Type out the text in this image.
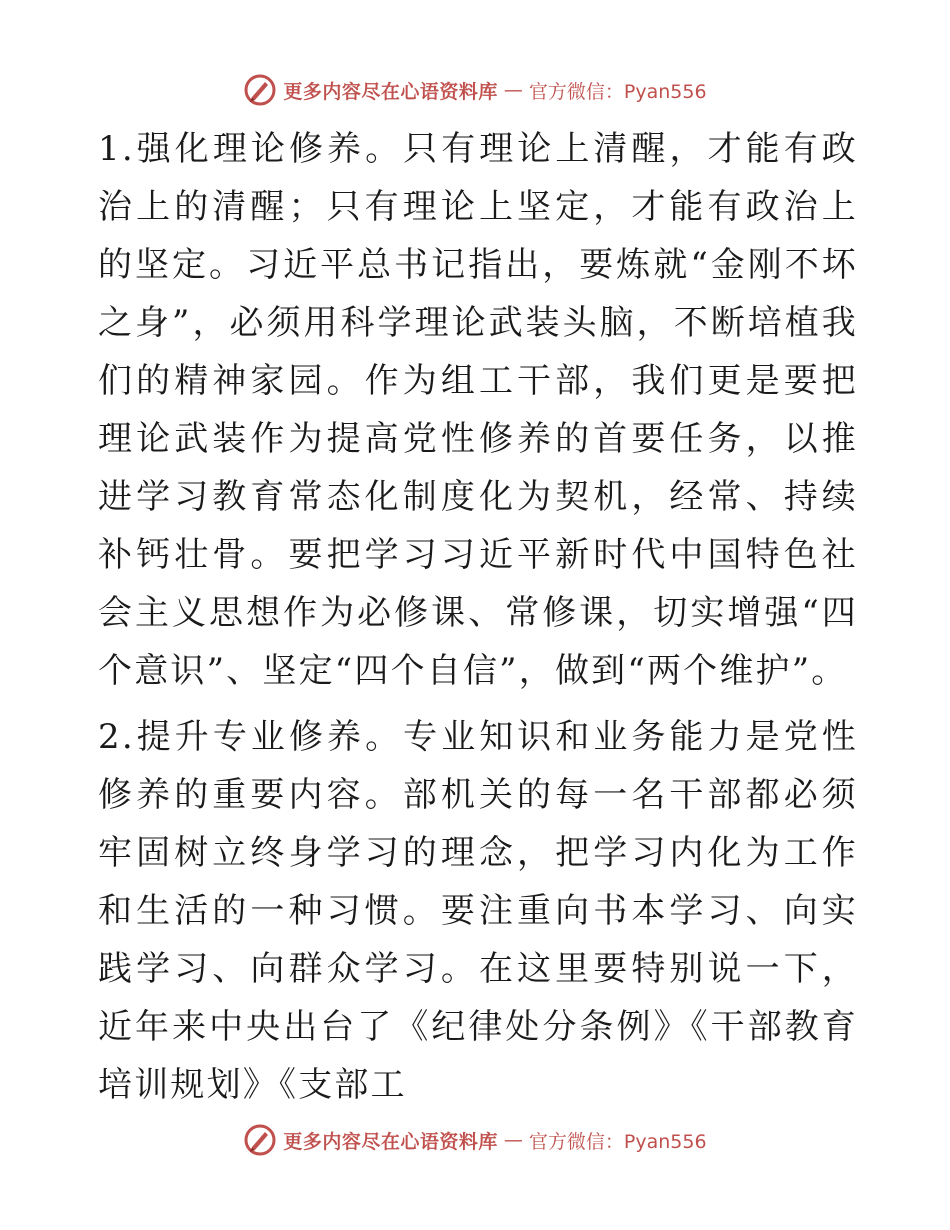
更多内容尽在心语资料库 — 官方微信：Pyan556

1.强化理论修养。只有理论上清醒，才能有政治上的清醒；只有理论上坚定，才能有政治上的坚定。习近平总书记指出，要炼就“金刚不坏之身”，必须用科学理论武装头脑，不断培植我们的精神家园。作为组工干部，我们更是要把理论武装作为提高党性修养的首要任务，以推进学习教育常态化制度化为契机，经常、持续补钙壮骨。要把学习习近平新时代中国特色社会主义思想作为必修课、常修课，切实增强“四个意识”、坚定“四个自信”，做到“两个维护”。

2.提升专业修养。专业知识和业务能力是党性修养的重要内容。部机关的每一名干部都必须牢固树立终身学习的理念，把学习内化为工作和生活的一种习惯。要注重向书本学习、向实践学习、向群众学习。在这里要特别说一下，近年来中央出台了《纪律处分条例》《干部教育培训规划》《支部工

更多内容尽在心语资料库 — 官方微信：Pyan556
